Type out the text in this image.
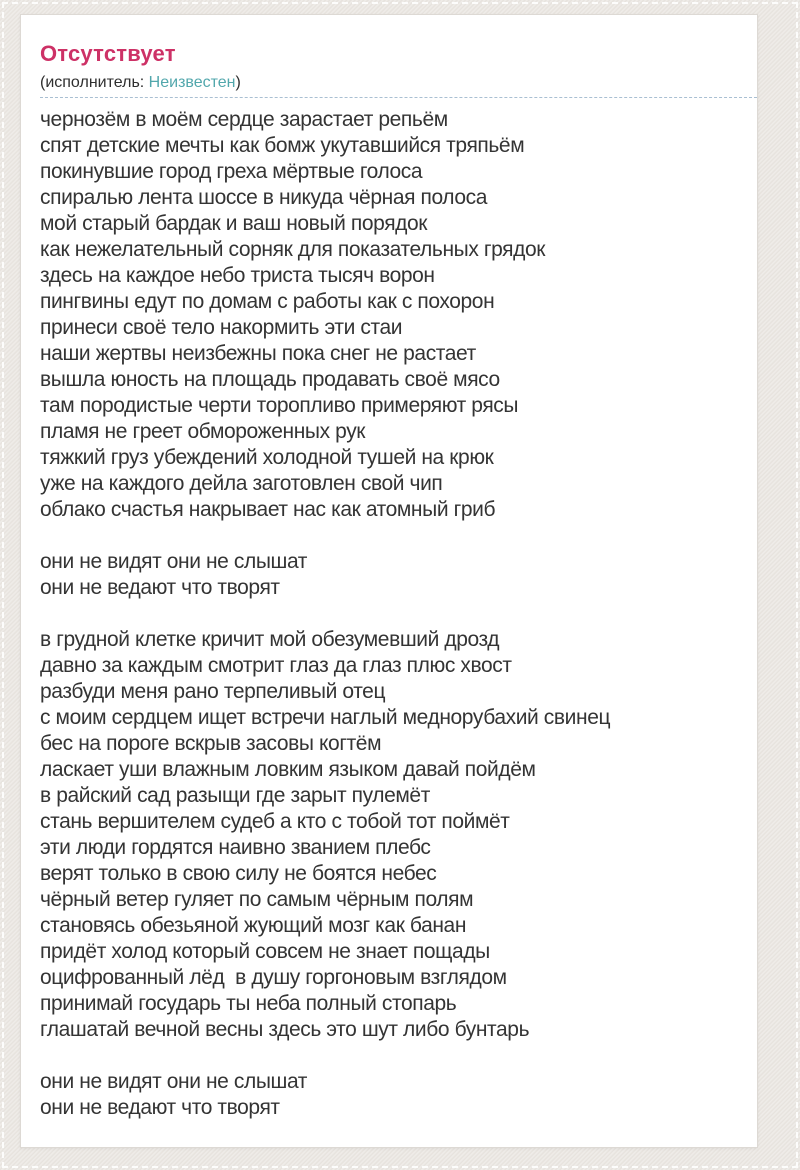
Отсутствует
(исполнитель: Неизвестен)
чернозём в моём сердце зарастает репьём
спят детские мечты как бомж укутавшийся тряпьём
покинувшие город греха мёртвые голоса
спиралью лента шоссе в никуда чёрная полоса
мой старый бардак и ваш новый порядок
как нежелательный сорняк для показательных грядок
здесь на каждое небо триста тысяч ворон
пингвины едут по домам с работы как с похорон
принеси своё тело накормить эти стаи
наши жертвы неизбежны пока снег не растает
вышла юность на площадь продавать своё мясо
там породистые черти торопливо примеряют рясы
пламя не греет обмороженных рук
тяжкий груз убеждений холодной тушей на крюк
уже на каждого дейла заготовлен свой чип
облако счастья накрывает нас как атомный гриб
они не видят они не слышат
они не ведают что творят
в грудной клетке кричит мой обезумевший дрозд
давно за каждым смотрит глаз да глаз плюс хвост
разбуди меня рано терпеливый отец
с моим сердцем ищет встречи наглый меднорубахий свинец
бес на пороге вскрыв засовы когтём
ласкает уши влажным ловким языком давай пойдём
в райский сад разыщи где зарыт пулемёт
стань вершителем судеб а кто с тобой тот поймёт
эти люди гордятся наивно званием плебс
верят только в свою силу не боятся небес
чёрный ветер гуляет по самым чёрным полям
становясь обезьяной жующий мозг как банан
придёт холод который совсем не знает пощады
оцифрованный лёд  в душу горгоновым взглядом
принимай государь ты неба полный стопарь
глашатай вечной весны здесь это шут либо бунтарь
они не видят они не слышат
они не ведают что творят
